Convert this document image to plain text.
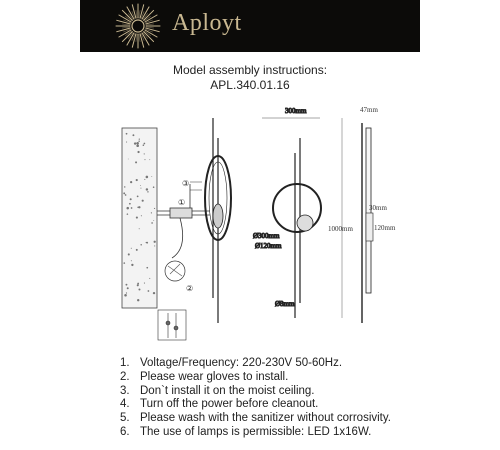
Aployt
Model assembly instructions:
APL.340.01.16
③
①
②
300mm
Ø300mm
Ø120mm
Ø8mm
1000mm
47mm
30mm
120mm
1. Voltage/Frequency: 220-230V 50-60Hz.
2. Please wear gloves to install.
3. Don`t install it on the moist ceiling.
4. Turn off the power before cleanout.
5. Please wash with the sanitizer without corrosivity.
6. The use of lamps is permissible: LED 1x16W.
